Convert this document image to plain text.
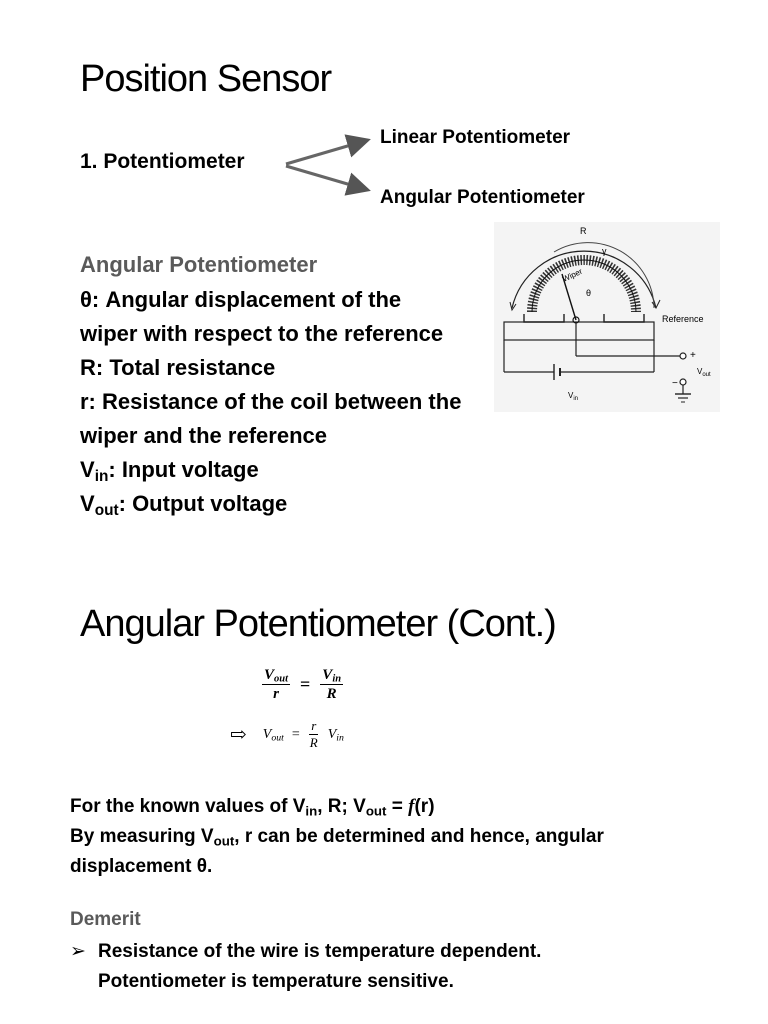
Position Sensor
1. Potentiometer
Linear Potentiometer
Angular Potentiometer
Angular Potentiometer
θ: Angular displacement of the
wiper with respect to the reference
R: Total resistance
r: Resistance of the coil between the
wiper and the reference
$V_{in}$: Input voltage
$V_{out}$: Output voltage
R
γ
Wiper
θ
Reference
+
−
$V_{out}$
$V_{in}$
Angular Potentiometer (Cont.)
$\frac{V_{out}}{r} = \frac{V_{in}}{R}$
⇨ $V_{out} = \frac{r}{R} V_{in}$
For the known values of $V_{in}$, R; $V_{out} = f(r)$
By measuring $V_{out}$, r can be determined and hence, angular
displacement θ.
Demerit
➢ Resistance of the wire is temperature dependent.
Potentiometer is temperature sensitive.
